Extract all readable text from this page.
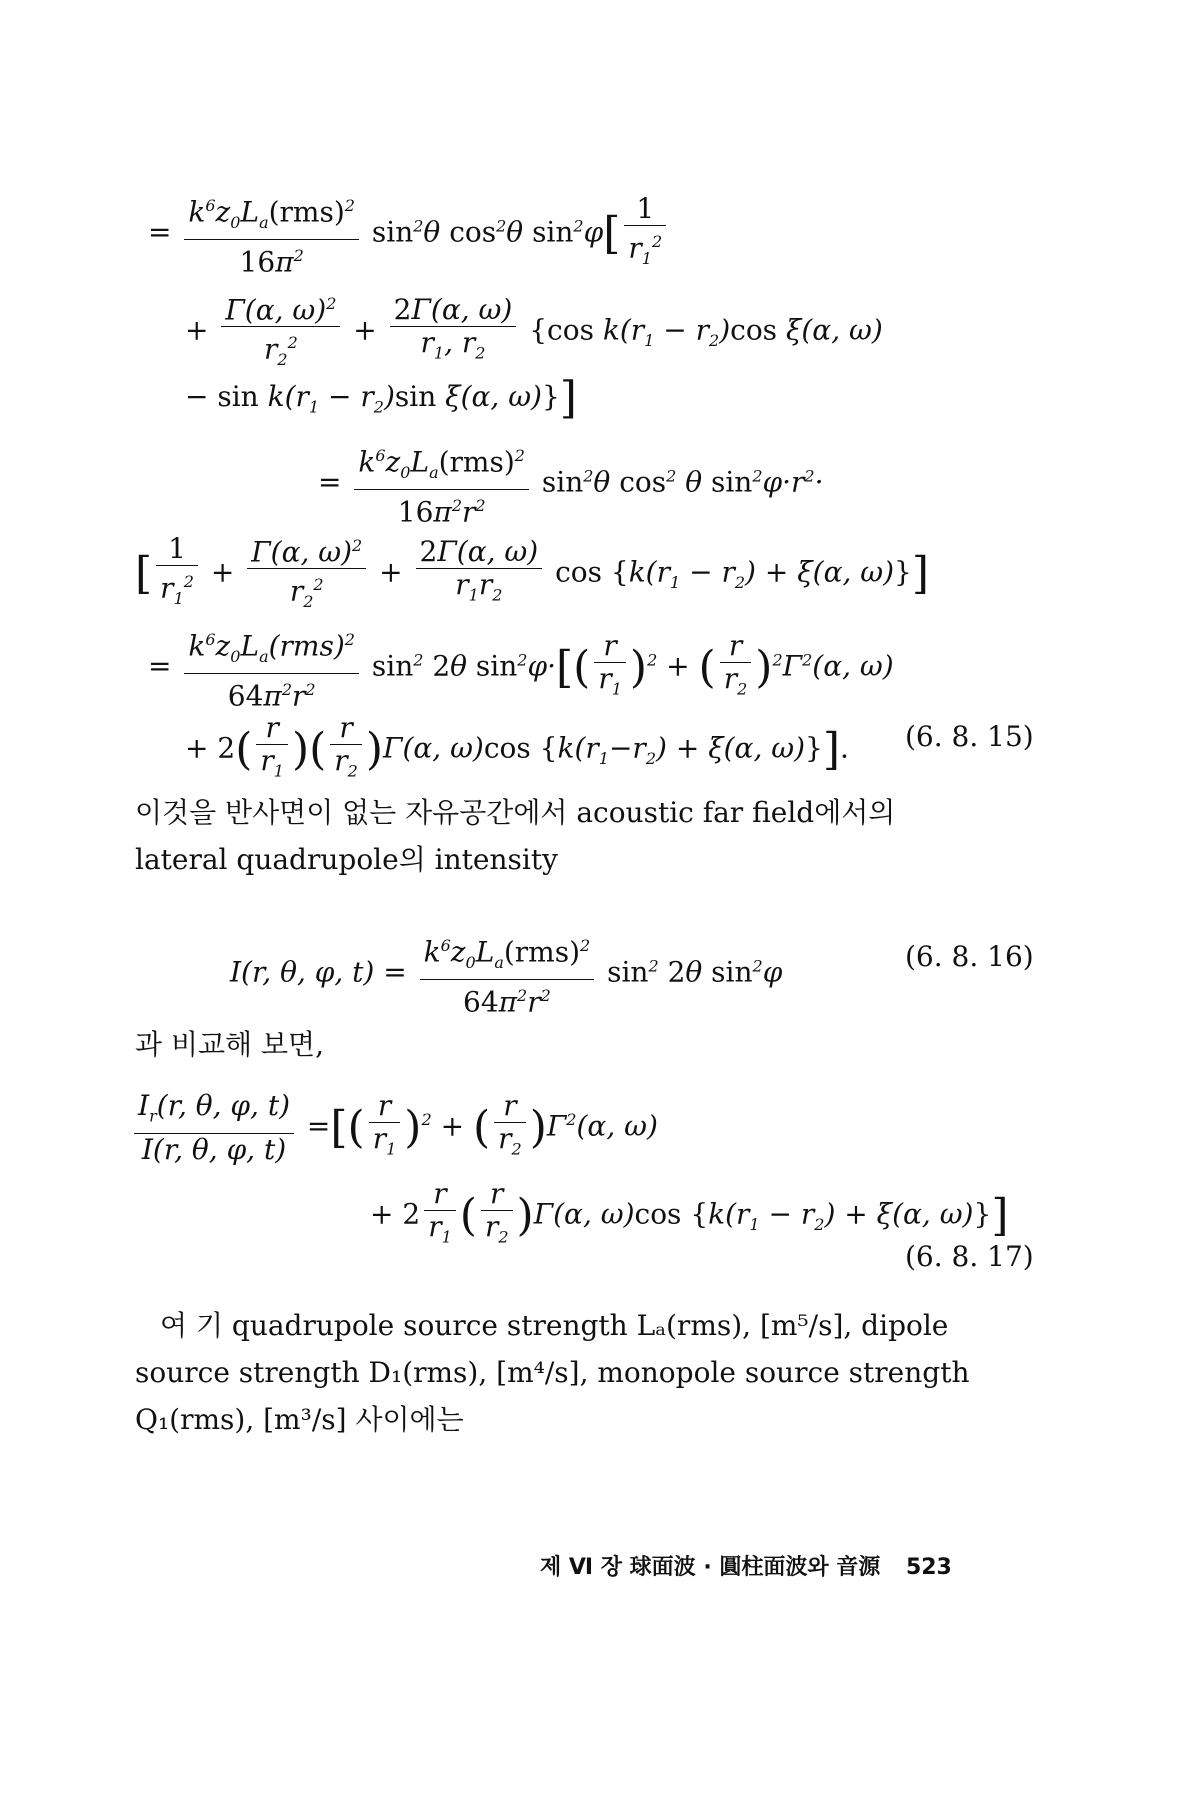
= $\frac{k^6z_0L_a(rms)^2}{16\pi^2} \sin^2\theta$ $\cos^2\theta$ $\sin^2\varphi[ \frac{1}{r_1^2}$
+ $\frac{\Gamma(\alpha, \omega)^2}{r_2^2} + \frac{2\Gamma(\alpha, \omega)}{r_1, r_2} \{\cos$ $k(r_1 - r_2)\cos$ ξ(α, ω)
− $\sin k(r_1 - r_2)\sin$ ξ(α, ω)}]
= $\frac{k^6z_0L_a(rms)^2}{16\pi^2r^2} \sin^2\theta$ $\cos^2 \theta$ $\sin^2\varphi\cdot r^2\cdot$
[ $\frac{1}{r_1^2} + \frac{\Gamma(\alpha, \omega)^2}{r_2^2} + \frac{2\Gamma(\alpha, \omega)}{r_1r_2}$ $\cos \{k(r_1 - r_2) + \xi(\alpha$, ω)}]
= $\frac{k^6z_0L_a(rms)^2}{64\pi^2r^2} \sin^2 2\theta$ $\sin^2\varphi\cdot[( \frac{r}{r_1} )^2$ + ( $\frac{r}{r_2} )^2\Gamma^2(\alpha$, ω)
+ $2( \frac{r}{r_1}$ )( $\frac{r}{r_2} )\Gamma(\alpha$, ω)cos {$k(r_1-r_2) + \xi(\alpha$, ω)}]. (6. 8. 15)
이것을 반사면이 없는 자유공간에서 acoustic far field에서의
lateral quadrupole의 intensity
I(r, θ, φ, $t) = \frac{k^6z_0L_a(rms)^2}{64\pi^2r^2} \sin^2 2\theta$ $\sin^2\varphi$	(6. 8. 16)
과 비교해 보면,
$\frac{I_r(r, \theta, \varphi, t)}{I(r, \theta, \varphi, t)}$ =[( $\frac{r}{r_1} )^2$ + ( $\frac{r}{r_2} )\Gamma^2(\alpha$, ω)
+ $2 \frac{r}{r_1}$ ( $\frac{r}{r_2} )\Gamma(\alpha$, ω)cos {$k(r_1 - r_2) + \xi(\alpha$, ω)}]
(6. 8. 17)
여 기 quadrupole source strength Lₐ(rms), [m⁵/s], dipole
source strength D₁(rms), [m⁴/s], monopole source strength
Q₁(rms), [m³/s] 사이에는
제 Ⅵ 장 球面波 · 圓柱面波와 音源 523
